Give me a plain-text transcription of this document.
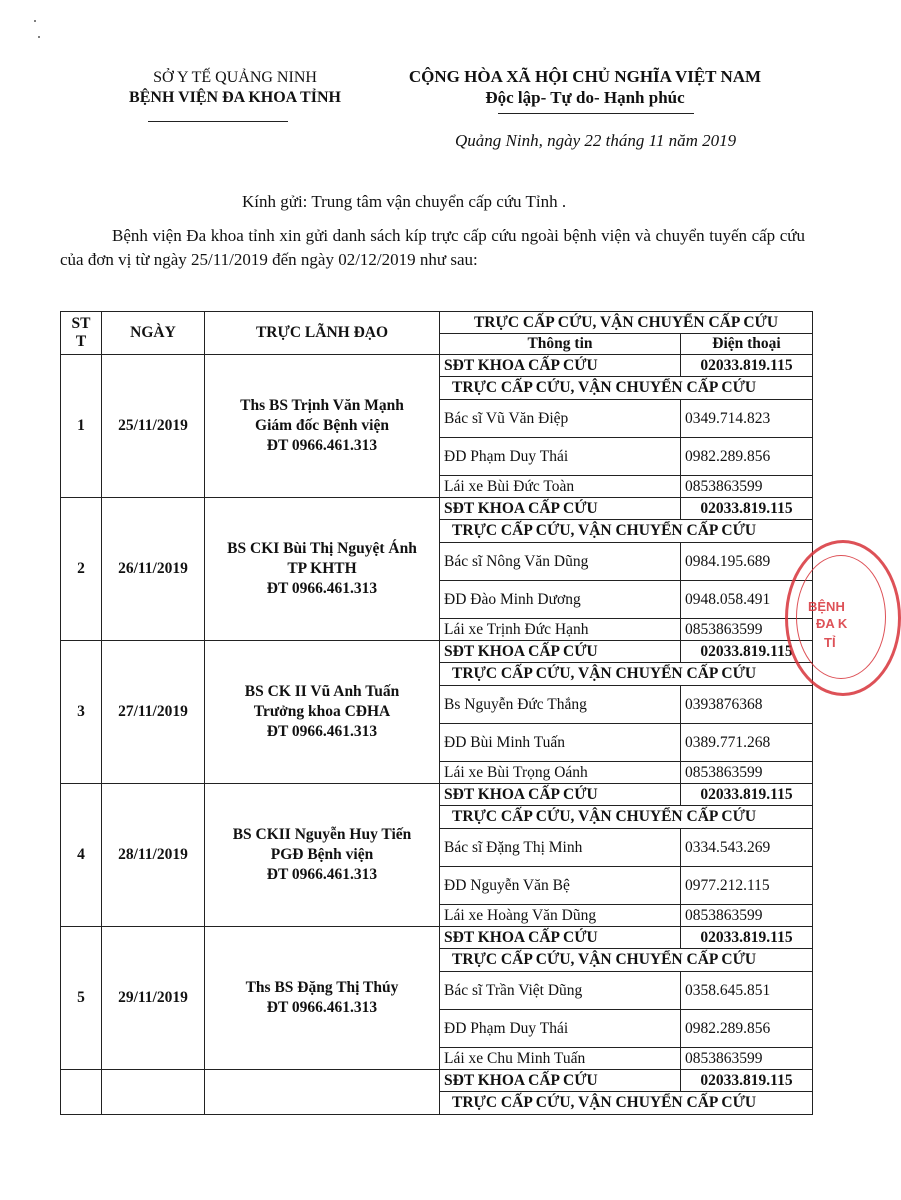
SỞ Y TẾ QUẢNG NINH
BỆNH VIỆN ĐA KHOA TỈNH
CỘNG HÒA XÃ HỘI CHỦ NGHĨA VIỆT NAM
Độc lập- Tự do- Hạnh phúc
Quảng Ninh, ngày 22 tháng 11 năm 2019
Kính gửi: Trung tâm vận chuyển cấp cứu Tỉnh .
Bệnh viện Đa khoa tỉnh xin gửi danh sách kíp trực cấp cứu ngoài bệnh viện và chuyển tuyến cấp cứu của đơn vị từ ngày 25/11/2019 đến ngày 02/12/2019 như sau:
ST T	NGÀY	TRỰC LÃNH ĐẠO	TRỰC CẤP CỨU, VẬN CHUYỂN CẤP CỨU	
			Thông tin	Điện thoại
1	25/11/2019	Ths BS Trịnh Văn Mạnh
Giám đốc Bệnh viện
ĐT 0966.461.313	SĐT KHOA CẤP CỨU	02033.819.115
			TRỰC CẤP CỨU, VẬN CHUYỂN CẤP CỨU	
			Bác sĩ Vũ Văn Điệp	0349.714.823
			ĐD Phạm Duy Thái	0982.289.856
			Lái xe Bùi Đức Toàn	0853863599
2	26/11/2019	BS CKI Bùi Thị Nguyệt Ánh
TP KHTH
ĐT 0966.461.313	SĐT KHOA CẤP CỨU	02033.819.115
			TRỰC CẤP CỨU, VẬN CHUYỂN CẤP CỨU	
			Bác sĩ Nông Văn Dũng	0984.195.689
			ĐD Đào Minh Dương	0948.058.491
			Lái xe Trịnh Đức Hạnh	0853863599
3	27/11/2019	BS CK II Vũ Anh Tuấn
Trưởng khoa CĐHA
ĐT 0966.461.313	SĐT KHOA CẤP CỨU	02033.819.115
			TRỰC CẤP CỨU, VẬN CHUYỂN CẤP CỨU	
			Bs Nguyễn Đức Thắng	0393876368
			ĐD Bùi Minh Tuấn	0389.771.268
			Lái xe Bùi Trọng Oánh	0853863599
4	28/11/2019	BS CKII Nguyễn Huy Tiến
PGĐ Bệnh viện
ĐT 0966.461.313	SĐT KHOA CẤP CỨU	02033.819.115
			TRỰC CẤP CỨU, VẬN CHUYỂN CẤP CỨU	
			Bác sĩ Đặng Thị Minh	0334.543.269
			ĐD Nguyễn Văn Bệ	0977.212.115
			Lái xe Hoàng Văn Dũng	0853863599
5	29/11/2019	Ths BS Đặng Thị Thúy
ĐT 0966.461.313	SĐT KHOA CẤP CỨU	02033.819.115
			TRỰC CẤP CỨU, VẬN CHUYỂN CẤP CỨU	
			Bác sĩ Trần Việt Dũng	0358.645.851
			ĐD Phạm Duy Thái	0982.289.856
			Lái xe Chu Minh Tuấn	0853863599
			SĐT KHOA CẤP CỨU	02033.819.115
			TRỰC CẤP CỨU, VẬN CHUYỂN CẤP CỨU	
BỆNH
ĐA K
TỈ
